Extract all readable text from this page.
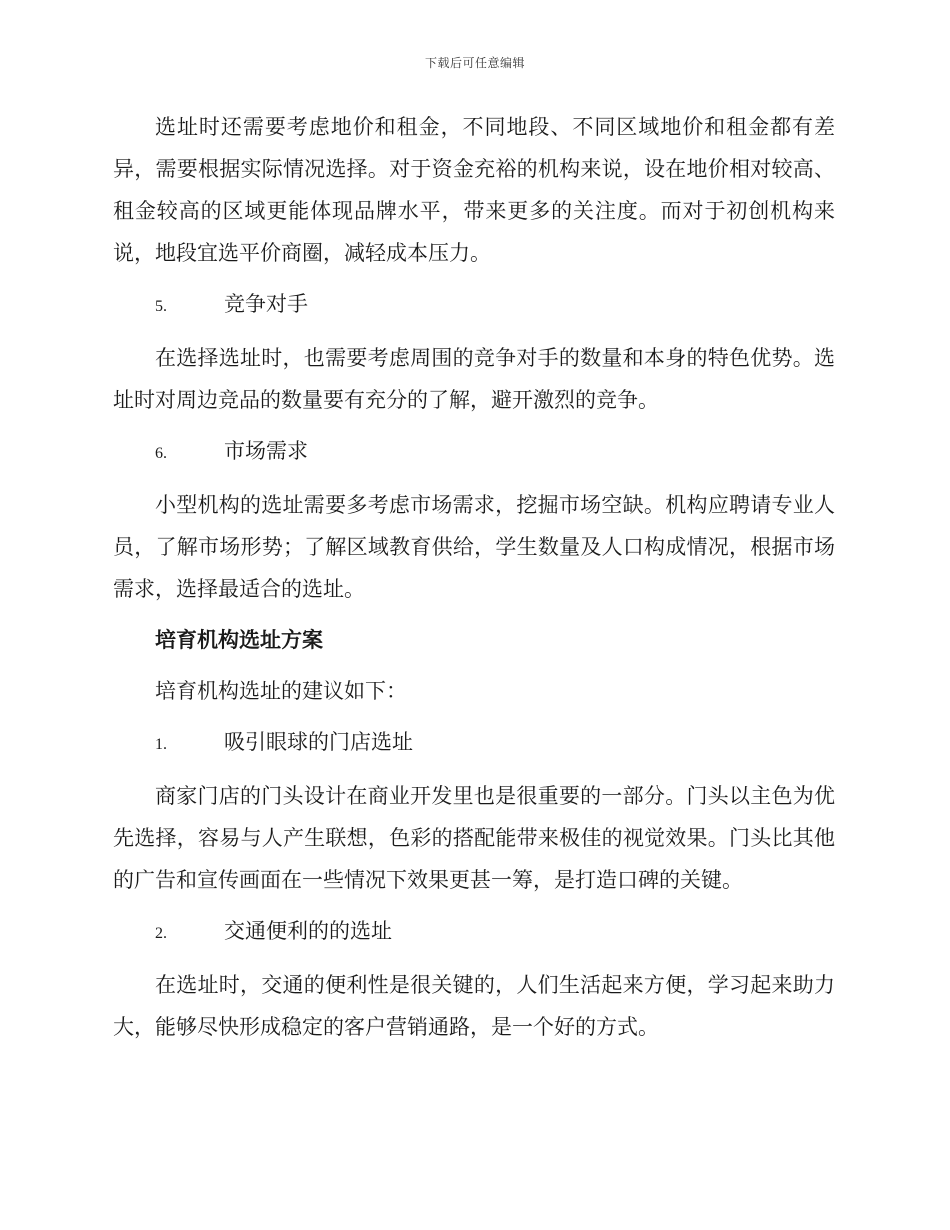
下载后可任意编辑

选址时还需要考虑地价和租金，不同地段、不同区域地价和租金都有差异，需要根据实际情况选择。对于资金充裕的机构来说，设在地价相对较高、租金较高的区域更能体现品牌水平，带来更多的关注度。而对于初创机构来说，地段宜选平价商圈，减轻成本压力。

5.	竞争对手

在选择选址时，也需要考虑周围的竞争对手的数量和本身的特色优势。选址时对周边竞品的数量要有充分的了解，避开激烈的竞争。

6.	市场需求

小型机构的选址需要多考虑市场需求，挖掘市场空缺。机构应聘请专业人员，了解市场形势；了解区域教育供给，学生数量及人口构成情况，根据市场需求，选择最适合的选址。

培育机构选址方案

培育机构选址的建议如下：

1.	吸引眼球的门店选址

商家门店的门头设计在商业开发里也是很重要的一部分。门头以主色为优先选择，容易与人产生联想，色彩的搭配能带来极佳的视觉效果。门头比其他的广告和宣传画面在一些情况下效果更甚一筹，是打造口碑的关键。

2.	交通便利的的选址

在选址时，交通的便利性是很关键的，人们生活起来方便，学习起来助力大，能够尽快形成稳定的客户营销通路，是一个好的方式。
